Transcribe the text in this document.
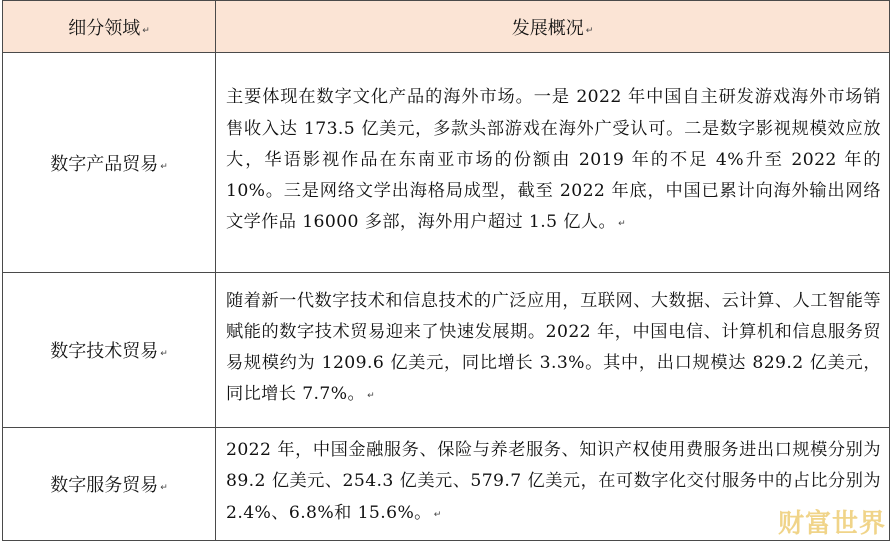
细分领域 ↵	发展概况 ↵
数字产品贸易 ↵	主要体现在数字文化产品的海外市场。一是 2022 年中国自主研发游戏海外市场销售收入达 173.5 亿美元，多款头部游戏在海外广受认可。二是数字影视规模效应放大，华语影视作品在东南亚市场的份额由 2019 年的不足 4%升至 2022 年的 10%。三是网络文学出海格局成型，截至 2022 年底，中国已累计向海外输出网络文学作品 16000 多部，海外用户超过 1.5 亿人。 ↵
数字技术贸易 ↵	随着新一代数字技术和信息技术的广泛应用，互联网、大数据、云计算、人工智能等赋能的数字技术贸易迎来了快速发展期。2022 年，中国电信、计算机和信息服务贸易规模约为 1209.6 亿美元，同比增长 3.3%。其中，出口规模达 829.2 亿美元，同比增长 7.7%。 ↵
数字服务贸易 ↵	2022 年，中国金融服务、保险与养老服务、知识产权使用费服务进出口规模分别为 89.2 亿美元、254.3 亿美元、579.7 亿美元，在可数字化交付服务中的占比分别为 2.4%、6.8%和 15.6%。 ↵	财富世界
